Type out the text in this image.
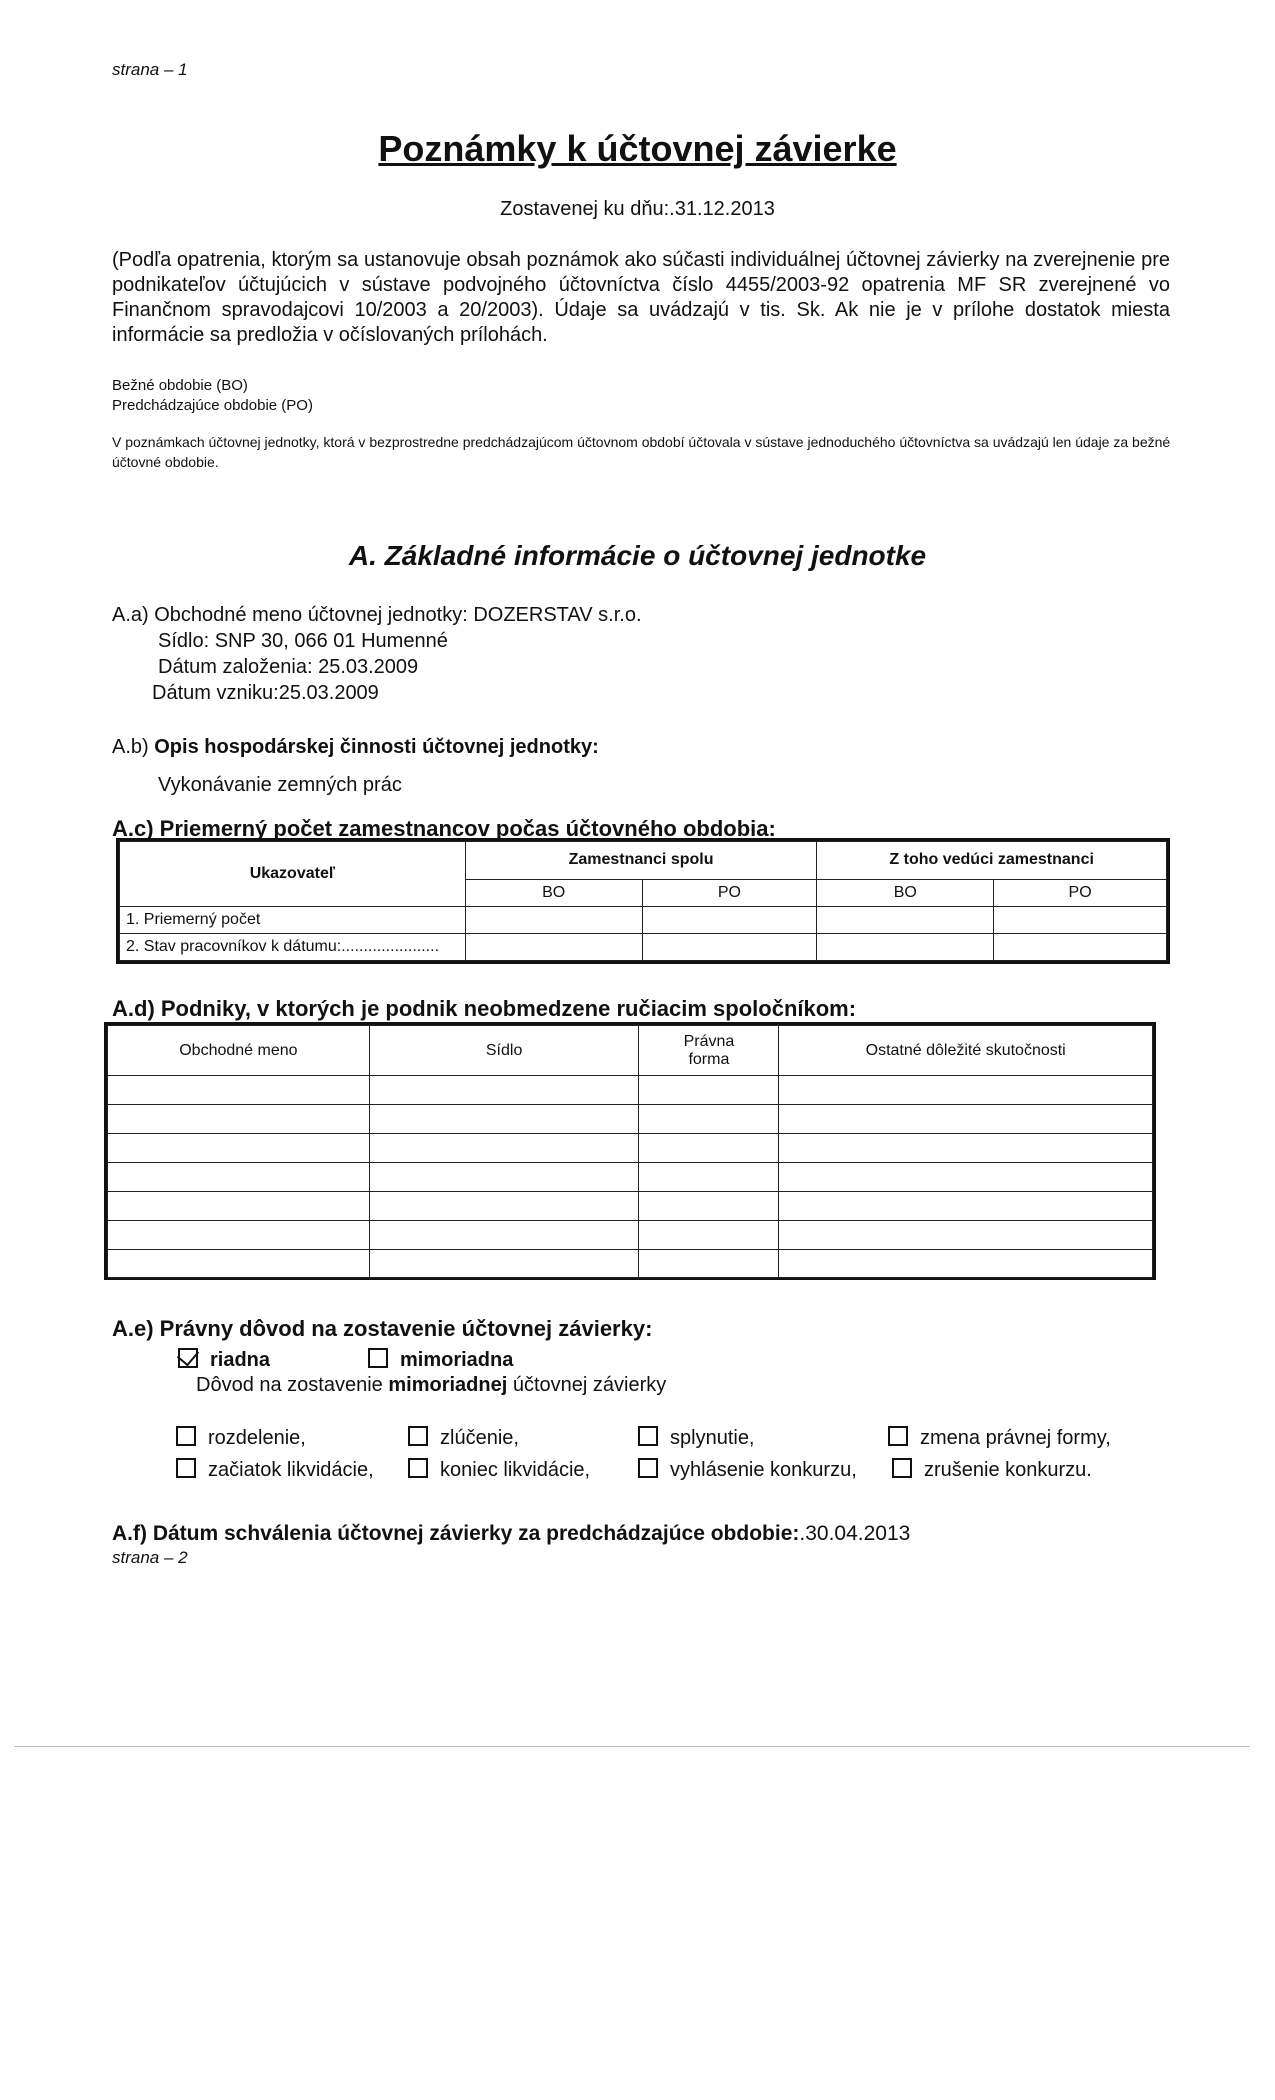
strana – 1
Poznámky k účtovnej závierke
Zostavenej ku dňu:.31.12.2013
(Podľa opatrenia, ktorým sa ustanovuje obsah poznámok ako súčasti individuálnej účtovnej závierky na zverejnenie pre podnikateľov účtujúcich v sústave podvojného účtovníctva číslo 4455/2003-92 opatrenia MF SR zverejnené vo Finančnom spravodajcovi 10/2003 a 20/2003). Údaje sa uvádzajú v tis. Sk. Ak nie je v prílohe dostatok miesta informácie sa predložia v očíslovaných prílohách.
Bežné obdobie (BO)
Predchádzajúce obdobie (PO)
V poznámkach účtovnej jednotky, ktorá v bezprostredne predchádzajúcom účtovnom období účtovala v sústave jednoduchého účtovníctva sa uvádzajú len údaje za bežné účtovné obdobie.
A. Základné informácie o účtovnej jednotke
A.a) Obchodné meno účtovnej jednotky: DOZERSTAV s.r.o.
Sídlo: SNP 30, 066 01 Humenné
Dátum založenia: 25.03.2009
Dátum vzniku:25.03.2009
A.b) Opis hospodárskej činnosti účtovnej jednotky:
Vykonávanie zemných prác
A.c) Priemerný počet zamestnancov počas účtovného obdobia:
Ukazovateľ	Zamestnanci spolu		Z toho vedúci zamestnanci	
	BO	PO	BO	PO
1. Priemerný počet				
2. Stav pracovníkov k dátumu:......................				
A.d) Podniky, v ktorých je podnik neobmedzene ručiacim spoločníkom:
Obchodné meno	Sídlo	Právna
forma	Ostatné dôležité skutočnosti

A.e) Právny dôvod na zostavenie účtovnej závierky:
riadna	mimoriadna
Dôvod na zostavenie mimoriadnej účtovnej závierky
rozdelenie,	zlúčenie,	splynutie,	zmena právnej formy,
začiatok likvidácie,	koniec likvidácie,	vyhlásenie konkurzu,	zrušenie konkurzu.
A.f) Dátum schválenia účtovnej závierky za predchádzajúce obdobie:.30.04.2013
strana – 2
